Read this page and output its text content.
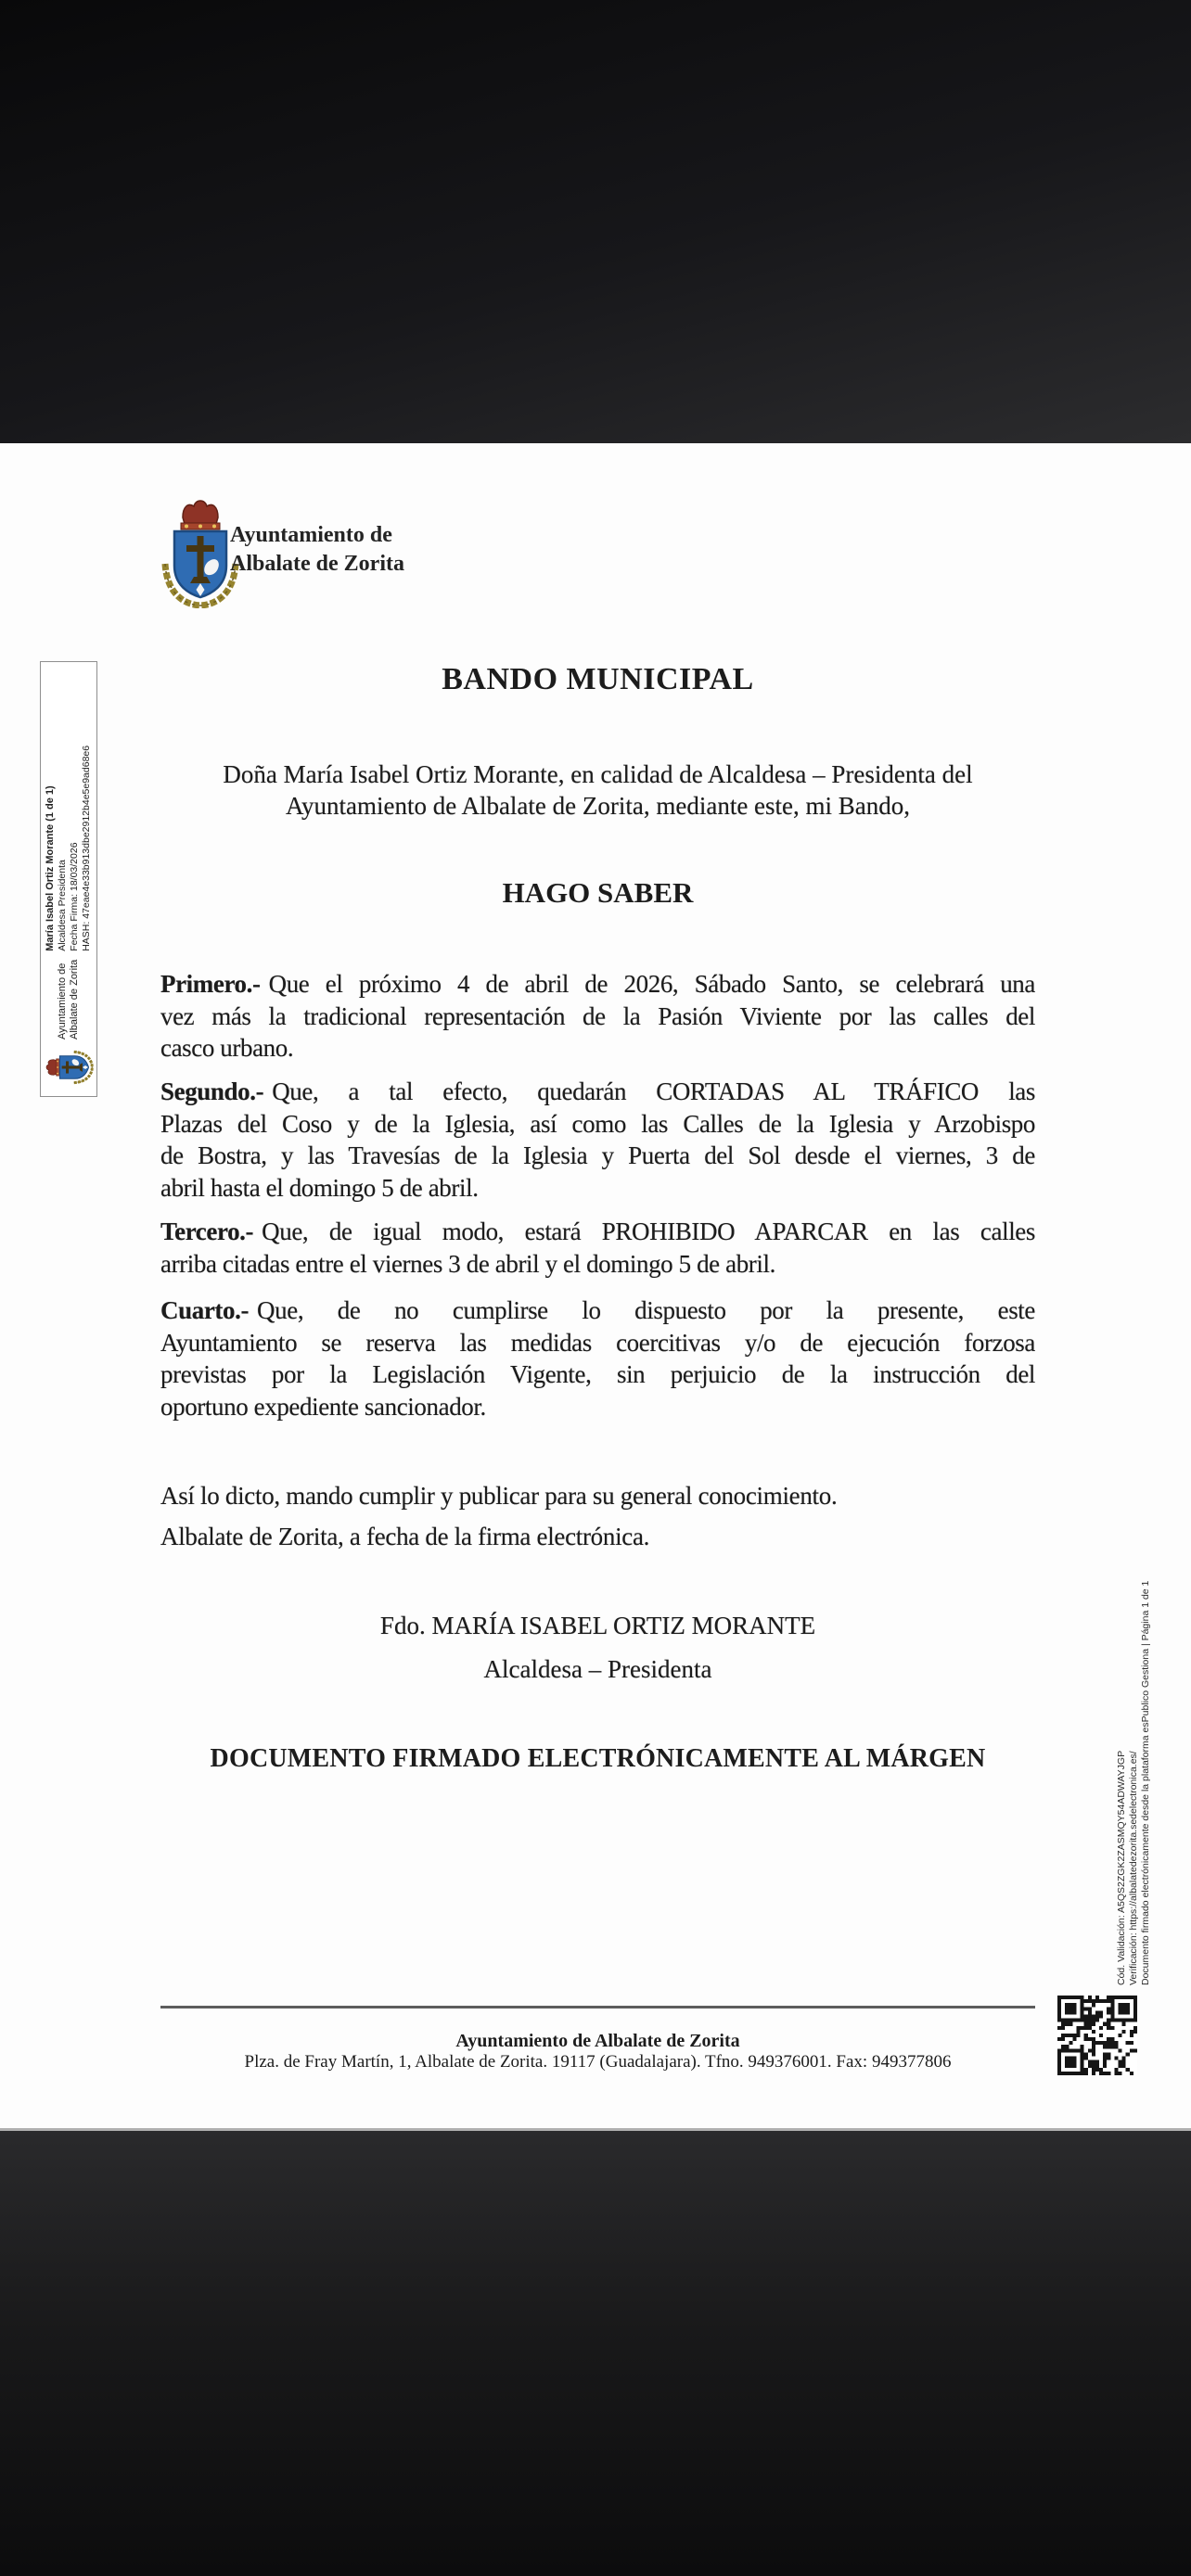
Ayuntamiento de
Albalate de Zorita
BANDO MUNICIPAL
Doña María Isabel Ortiz Morante, en calidad de Alcaldesa – Presidenta del
Ayuntamiento de Albalate de Zorita, mediante este, mi Bando,
HAGO SABER
Primero.- Que el próximo 4 de abril de 2026, Sábado Santo, se celebrará una
vez más la tradicional representación de la Pasión Viviente por las calles del
casco urbano.
Segundo.- Que, a tal efecto, quedarán CORTADAS AL TRÁFICO las
Plazas del Coso y de la Iglesia, así como las Calles de la Iglesia y Arzobispo
de Bostra, y las Travesías de la Iglesia y Puerta del Sol desde el viernes, 3 de
abril hasta el domingo 5 de abril.
Tercero.- Que, de igual modo, estará PROHIBIDO APARCAR en las calles
arriba citadas entre el viernes 3 de abril y el domingo 5 de abril.
Cuarto.- Que, de no cumplirse lo dispuesto por la presente, este
Ayuntamiento se reserva las medidas coercitivas y/o de ejecución forzosa
previstas por la Legislación Vigente, sin perjuicio de la instrucción del
oportuno expediente sancionador.
Así lo dicto, mando cumplir y publicar para su general conocimiento.
Albalate de Zorita, a fecha de la firma electrónica.
Fdo. MARÍA ISABEL ORTIZ MORANTE
Alcaldesa – Presidenta
DOCUMENTO FIRMADO ELECTRÓNICAMENTE AL MÁRGEN
Ayuntamiento de Albalate de Zorita
Plza. de Fray Martín, 1, Albalate de Zorita. 19117 (Guadalajara). Tfno. 949376001. Fax: 949377806
Ayuntamiento de Albalate de Zorita
María Isabel Ortiz Morante (1 de 1) Alcaldesa Presidenta Fecha Firma: 18/03/2026 HASH: 47eae4e33b913dbe2912b4e5e9ad68e6
Cód. Validación: A5QS2ZGK2ZASMQY54ADWAYJGP Verificación: https://albalatedezorita.sedelectronica.es/ Documento firmado electrónicamente desde la plataforma esPublico Gestiona | Página 1 de 1
